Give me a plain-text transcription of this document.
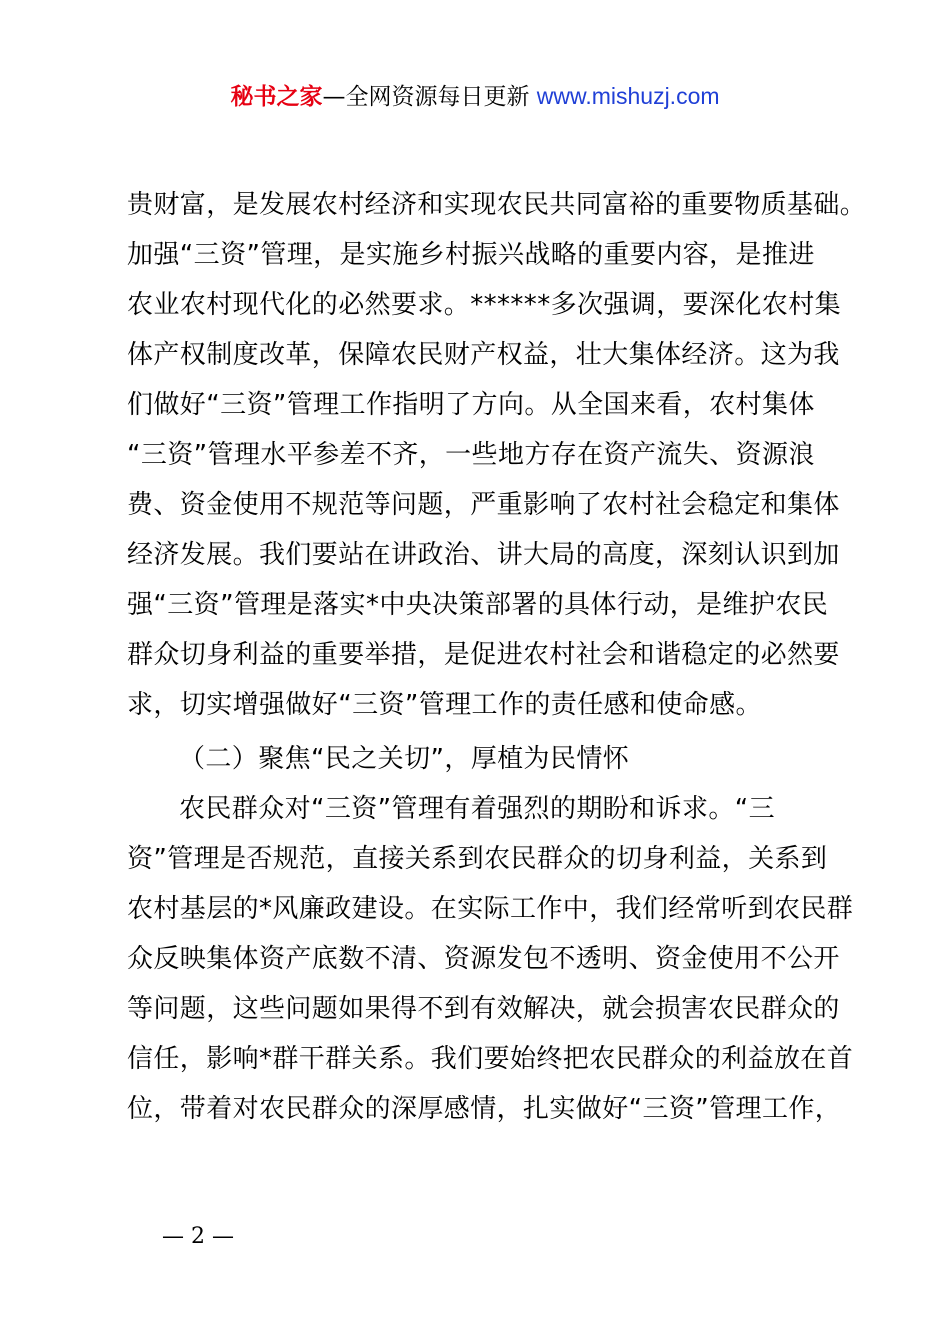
秘书之家—全网资源每日更新 www.mishuzj.com
贵财富，是发展农村经济和实现农民共同富裕的重要物质基础。
加强“三资”管理，是实施乡村振兴战略的重要内容，是推进
农业农村现代化的必然要求。******多次强调，要深化农村集
体产权制度改革，保障农民财产权益，壮大集体经济。这为我
们做好“三资”管理工作指明了方向。从全国来看，农村集体
“三资”管理水平参差不齐，一些地方存在资产流失、资源浪
费、资金使用不规范等问题，严重影响了农村社会稳定和集体
经济发展。我们要站在讲政治、讲大局的高度，深刻认识到加
强“三资”管理是落实*中央决策部署的具体行动，是维护农民
群众切身利益的重要举措，是促进农村社会和谐稳定的必然要
求，切实增强做好“三资”管理工作的责任感和使命感。
（二）聚焦“民之关切”，厚植为民情怀
农民群众对“三资”管理有着强烈的期盼和诉求。“三
资”管理是否规范，直接关系到农民群众的切身利益，关系到
农村基层的*风廉政建设。在实际工作中，我们经常听到农民群
众反映集体资产底数不清、资源发包不透明、资金使用不公开
等问题，这些问题如果得不到有效解决，就会损害农民群众的
信任，影响*群干群关系。我们要始终把农民群众的利益放在首
位，带着对农民群众的深厚感情，扎实做好“三资”管理工作，
— 2 —
